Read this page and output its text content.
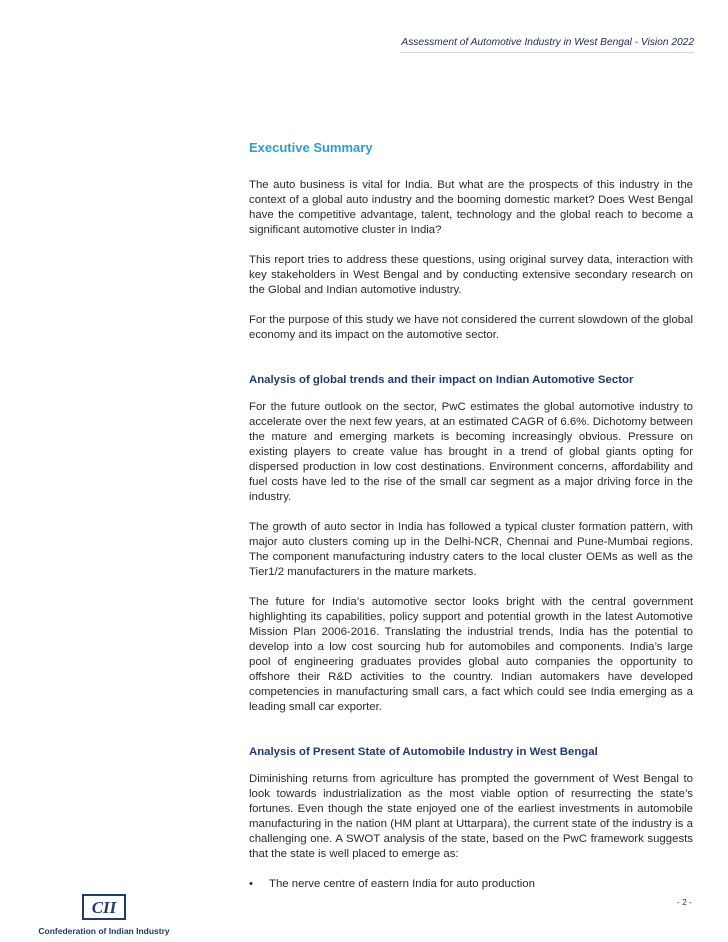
Assessment of Automotive Industry in West Bengal - Vision 2022
Executive Summary

The auto business is vital for India. But what are the prospects of this industry in the context of a global auto industry and the booming domestic market? Does West Bengal have the competitive advantage, talent, technology and the global reach to become a significant automotive cluster in India?

This report tries to address these questions, using original survey data, interaction with key stakeholders in West Bengal and by conducting extensive secondary research on the Global and Indian automotive industry.

For the purpose of this study we have not considered the current slowdown of the global economy and its impact on the automotive sector.

Analysis of global trends and their impact on Indian Automotive Sector

For the future outlook on the sector, PwC estimates the global automotive industry to accelerate over the next few years, at an estimated CAGR of 6.6%. Dichotomy between the mature and emerging markets is becoming increasingly obvious. Pressure on existing players to create value has brought in a trend of global giants opting for dispersed production in low cost destinations. Environment concerns, affordability and fuel costs have led to the rise of the small car segment as a major driving force in the industry.

The growth of auto sector in India has followed a typical cluster formation pattern, with major auto clusters coming up in the Delhi-NCR, Chennai and Pune-Mumbai regions. The component manufacturing industry caters to the local cluster OEMs as well as the Tier1/2 manufacturers in the mature markets.

The future for India’s automotive sector looks bright with the central government highlighting its capabilities, policy support and potential growth in the latest Automotive Mission Plan 2006-2016. Translating the industrial trends, India has the potential to develop into a low cost sourcing hub for automobiles and components. India’s large pool of engineering graduates provides global auto companies the opportunity to offshore their R&D activities to the country. Indian automakers have developed competencies in manufacturing small cars, a fact which could see India emerging as a leading small car exporter.

Analysis of Present State of Automobile Industry in West Bengal

Diminishing returns from agriculture has prompted the government of West Bengal to look towards industrialization as the most viable option of resurrecting the state’s fortunes. Even though the state enjoyed one of the earliest investments in automobile manufacturing in the nation (HM plant at Uttarpara), the current state of the industry is a challenging one. A SWOT analysis of the state, based on the PwC framework suggests that the state is well placed to emerge as:

• The nerve centre of eastern India for auto production
- 2 -
CII
Confederation of Indian Industry
